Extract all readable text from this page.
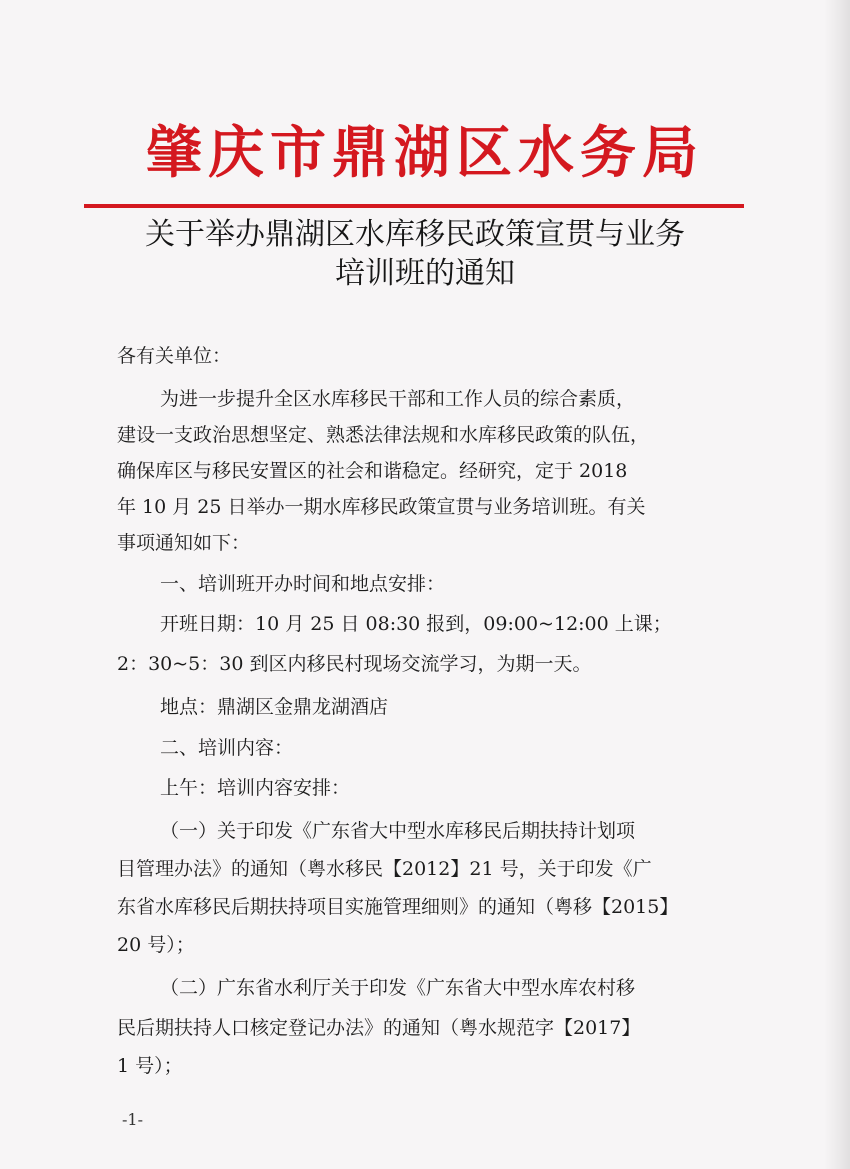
肇庆市鼎湖区水务局
关于举办鼎湖区水库移民政策宣贯与业务
培训班的通知
各有关单位：
为进一步提升全区水库移民干部和工作人员的综合素质，
建设一支政治思想坚定、熟悉法律法规和水库移民政策的队伍，
确保库区与移民安置区的社会和谐稳定。经研究，定于 2018
年 10 月 25 日举办一期水库移民政策宣贯与业务培训班。有关
事项通知如下：
一、培训班开办时间和地点安排：
开班日期：10 月 25 日 08:30 报到，09:00~12:00 上课；
2：30~5：30 到区内移民村现场交流学习，为期一天。
地点：鼎湖区金鼎龙湖酒店
二、培训内容：
上午：培训内容安排：
（一）关于印发《广东省大中型水库移民后期扶持计划项
目管理办法》的通知（粤水移民【2012】21 号，关于印发《广
东省水库移民后期扶持项目实施管理细则》的通知（粤移【2015】
20 号）；
（二）广东省水利厅关于印发《广东省大中型水库农村移
民后期扶持人口核定登记办法》的通知（粤水规范字【2017】
1 号）；
-1-
